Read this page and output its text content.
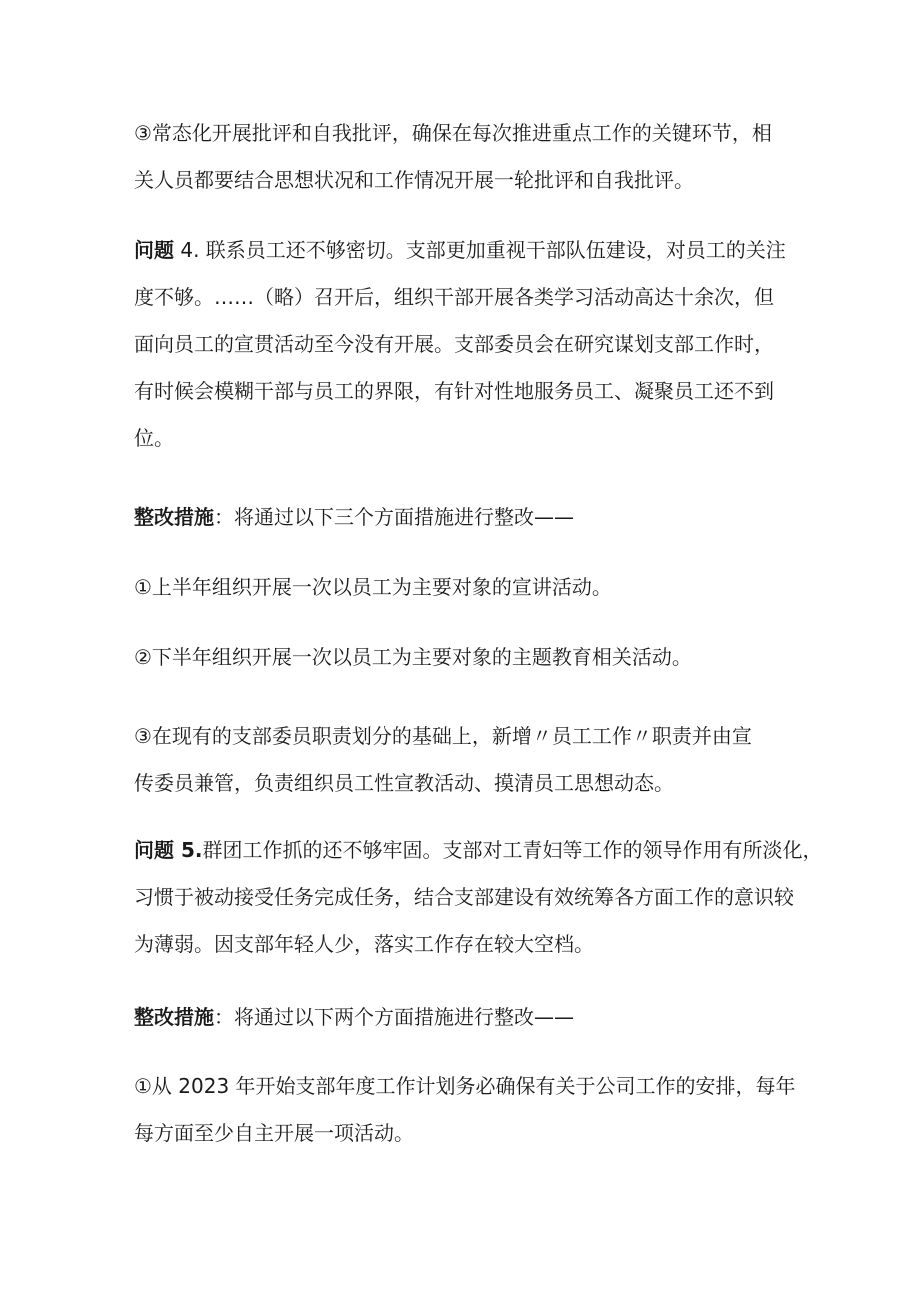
③常态化开展批评和自我批评，确保在每次推进重点工作的关键环节，相
关人员都要结合思想状况和工作情况开展一轮批评和自我批评。
问题 4. 联系员工还不够密切。支部更加重视干部队伍建设，对员工的关注
度不够。……（略）召开后，组织干部开展各类学习活动高达十余次，但
面向员工的宣贯活动至今没有开展。支部委员会在研究谋划支部工作时，
有时候会模糊干部与员工的界限，有针对性地服务员工、凝聚员工还不到
位。
整改措施：将通过以下三个方面措施进行整改——
①上半年组织开展一次以员工为主要对象的宣讲活动。
②下半年组织开展一次以员工为主要对象的主题教育相关活动。
③在现有的支部委员职责划分的基础上，新增〃员工工作〃职责并由宣
传委员兼管，负责组织员工性宣教活动、摸清员工思想动态。
问题 5.群团工作抓的还不够牢固。支部对工青妇等工作的领导作用有所淡化，
习惯于被动接受任务完成任务，结合支部建设有效统筹各方面工作的意识较
为薄弱。因支部年轻人少，落实工作存在较大空档。
整改措施：将通过以下两个方面措施进行整改——
①从 2023 年开始支部年度工作计划务必确保有关于公司工作的安排，每年
每方面至少自主开展一项活动。
